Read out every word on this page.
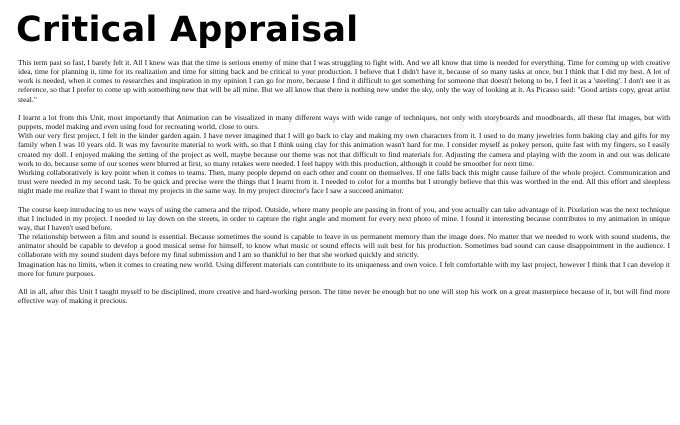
Critical Appraisal

This term past so fast, I barely felt it. All I knew was that the time is serious enemy of mine that I was struggling to fight with. And we all know that time is needed for everything. Time for coming up with creative idea, time for planning it, time for its realization and time for sitting back and be critical to your production. I believe that I didn't have it, because of so many tasks at once, but I think that I did my best. A lot of work is needed, when it comes to researches and inspiration in my opinion I can go for more, because I find it difficult to get something for someone that doesn't belong to be, I feel it as a 'steeling'. I don't see it as reference, so that I prefer to come up with something new that will be all mine. But we all know that there is nothing new under the sky, only the way of looking at it. As Picasso said: "Good artists copy, great artist steal."

I learnt a lot from this Unit, most importantly that Animation can be visualized in many different ways with wide range of techniques, not only with storyboards and moodboards, all these flat images, but with puppets, model making and even using food for recreating world, close to ours.

With our very first project, I felt in the kinder garden again. I have never imagined that I will go back to clay and making my own characters from it. I used to do many jewelries form baking clay and gifts for my family when I was 10 years old. It was my favourite material to work with, so that I think using clay for this animation wasn't hard for me. I consider myself as pokey person, quite fast with my fingers, so I easily created my doll. I enjoyed making the setting of the project as well, maybe because our theme was not that difficult to find materials for. Adjusting the camera and playing with the zoom in and out was delicate work to do, because some of our scenes were blurred at first, so many retakes were needed. I feel happy with this production, although it could be smoother for next time.

Working collaboratively is key point when it comes to teams. Then, many people depend on each other and count on themselves. If one falls back this might cause failure of the whole project. Communication and trust were needed in my second task. To be quick and precise were the things that I learnt from it. I needed to color for a months but I strongly believe that this was worthed in the end. All this effort and sleepless night made me realize that I want to threat my projects in the same way. In my project director's face I saw a succeed animator.

The course keep introducing to us new ways of using the camera and the tripod. Outside, where many people are passing in front of you, and you actually can take advantage of it. Pixelation was the next technique that I included in my project. I needed to lay down on the streets, in order to capture the right angle and moment for every next photo of mine. I found it interesting because contributes to my animation in unique way, that I haven't used before.

The relationship between a film and sound is essential. Because sometimes the sound is capable to leave in us permanent memory than the image does. No matter that we needed to work with sound students, the animator should be capable to develop a good musical sense for himself, to know what music or sound effects will suit best for his production. Sometimes bad sound can cause disappointment in the audience. I collaborate with my sound student days before my final submission and I am so thankful to her that she worked quickly and strictly.

Imagination has no limits, when it comes to creating new world. Using different materials can contribute to its uniqueness and own voice. I felt comfortable with my last project, however I think that I can develop it more for future purposes.

All in all, after this Unit I taught myself to be disciplined, more creative and hard-working person. The time never be enough but no one will stop his work on a great masterpiece because of it, but will find more effective way of making it precious.
